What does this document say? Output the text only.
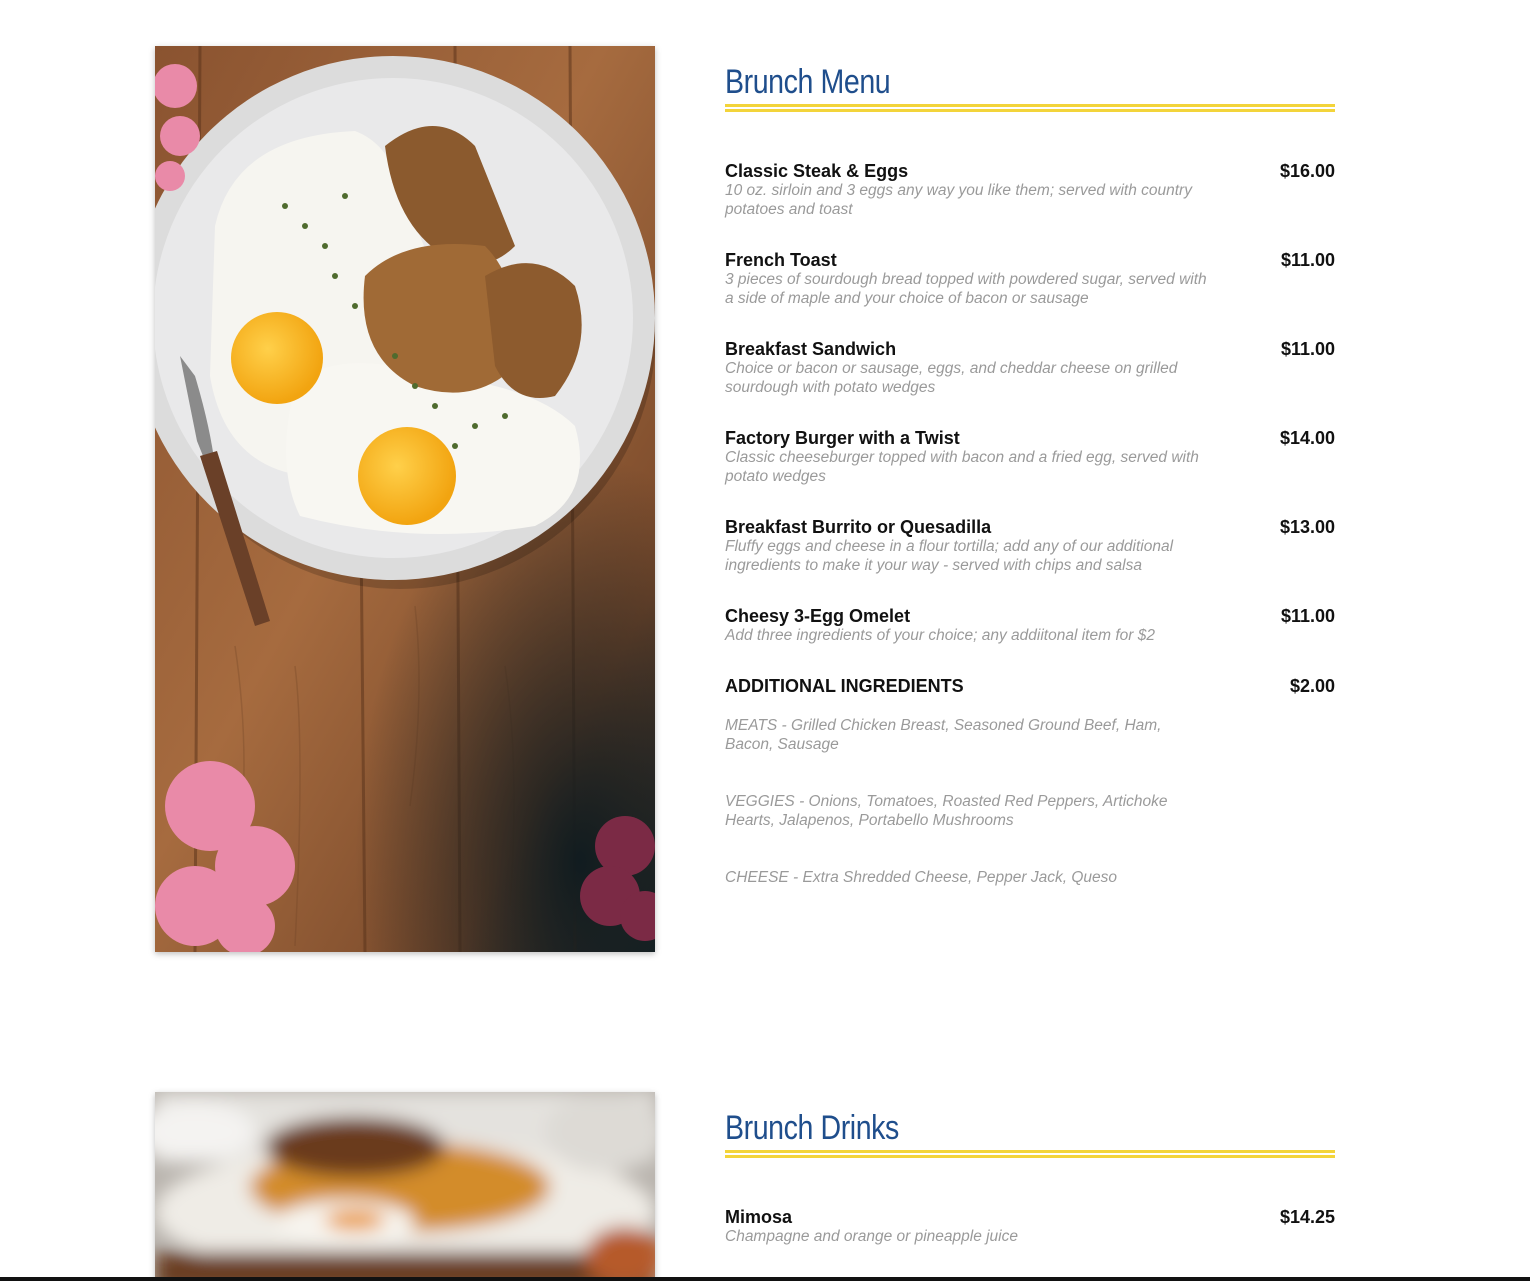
Brunch Menu
Classic Steak & Eggs	$16.00
10 oz. sirloin and 3 eggs any way you like them; served with country potatoes and toast
French Toast	$11.00
3 pieces of sourdough bread topped with powdered sugar, served with a side of maple and your choice of bacon or sausage
Breakfast Sandwich	$11.00
Choice or bacon or sausage, eggs, and cheddar cheese on grilled sourdough with potato wedges
Factory Burger with a Twist	$14.00
Classic cheeseburger topped with bacon and a fried egg, served with potato wedges
Breakfast Burrito or Quesadilla	$13.00
Fluffy eggs and cheese in a flour tortilla; add any of our additional ingredients to make it your way - served with chips and salsa
Cheesy 3-Egg Omelet	$11.00
Add three ingredients of your choice; any addiitonal item for $2
ADDITIONAL INGREDIENTS	$2.00
MEATS - Grilled Chicken Breast, Seasoned Ground Beef, Ham, Bacon, Sausage
VEGGIES - Onions, Tomatoes, Roasted Red Peppers, Artichoke Hearts, Jalapenos, Portabello Mushrooms
CHEESE - Extra Shredded Cheese, Pepper Jack, Queso
Brunch Drinks
Mimosa	$14.25
Champagne and orange or pineapple juice
